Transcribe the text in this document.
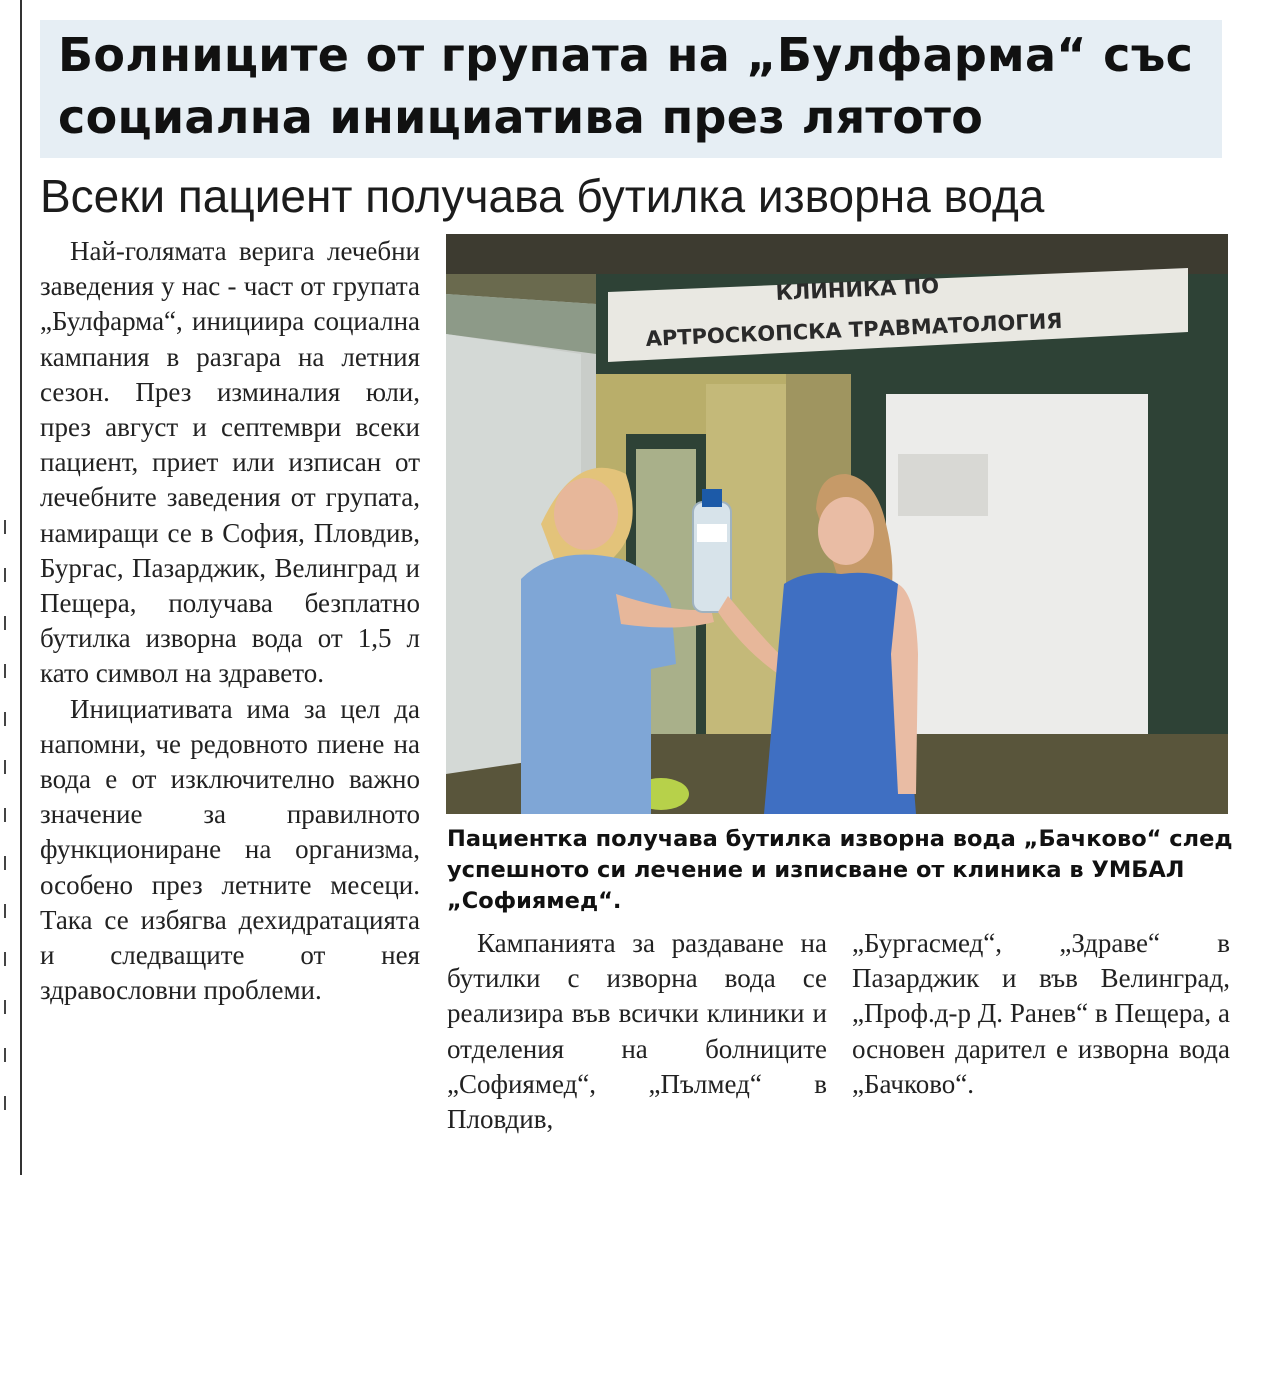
Болниците от групата на „Булфарма“ със социална инициатива през лятото
Всеки пациент получава бутилка изворна вода

Най-голямата верига лечебни заведения у нас - част от групата „Булфарма“, инициира социална кампания в разгара на летния сезон. През изминалия юли, през август и септември всеки пациент, приет или изписан от лечебните заведения от групата, намиращи се в София, Пловдив, Бургас, Пазарджик, Велинград и Пещера, получава безплатно бутилка изворна вода от 1,5 л като символ на здравето.

Инициативата има за цел да напомни, че редовното пиене на вода е от изключително важно значение за правилното функциониране на организма, особено през летните месеци. Така се избягва дехидратацията и следващите от нея здравословни проблеми.

КЛИНИКА ПО
АРТРОСКОПСКА ТРАВМАТОЛОГИЯ

Пациентка получава бутилка изворна вода „Бачково“ след успешното си лечение и изписване от клиника в УМБАЛ „Софиямед“.

Кампанията за раздаване на бутилки с изворна вода се реализира във всички клиники и отделения на болниците „Софиямед“, „Пълмед“ в Пловдив,

„Бургасмед“, „Здраве“ в Пазарджик и във Велинград, „Проф.д-р Д. Ранев“ в Пещера, а основен дарител е изворна вода „Бачково“.
